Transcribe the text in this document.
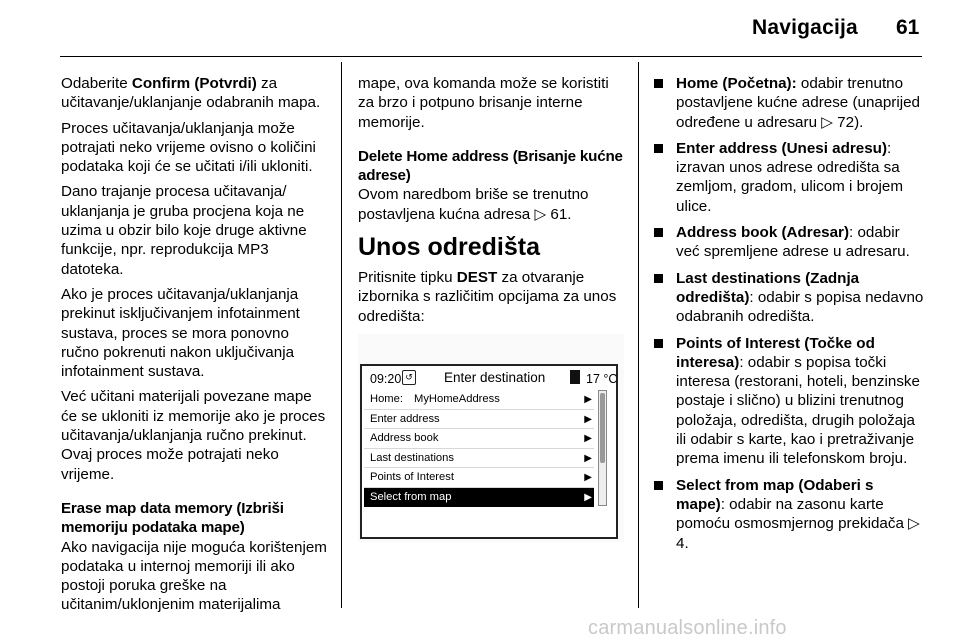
Navigacija 61

Odaberite Confirm (Potvrdi) za učitavanje/uklanjanje odabranih mapa.

Proces učitavanja/uklanjanja može potrajati neko vrijeme ovisno o količini podataka koji će se učitati i/ili ukloniti.

Dano trajanje procesa učitavanja/ uklanjanja je gruba procjena koja ne uzima u obzir bilo koje druge aktivne funkcije, npr. reprodukcija MP3 datoteka.

Ako je proces učitavanja/uklanjanja prekinut isključivanjem infotainment sustava, proces se mora ponovno ručno pokrenuti nakon uključivanja infotainment sustava.

Već učitani materijali povezane mape će se ukloniti iz memorije ako je proces učitavanja/uklanjanja ručno prekinut. Ovaj proces može potrajati neko vrijeme.

Erase map data memory (Izbriši memoriju podataka mape)

Ako navigacija nije moguća korištenjem podataka u internoj memoriji ili ako postoji poruka greške na učitanim/uklonjenim materijalima

mape, ova komanda može se koristiti za brzo i potpuno brisanje interne memorije.

Delete Home address (Brisanje kućne adrese)

Ovom naredbom briše se trenutno postavljena kućna adresa ▷ 61.

Unos odredišta

Pritisnite tipku DEST za otvaranje izbornika s različitim opcijama za unos odredišta:

09:20 ↺ Enter destination	17 °C
Home: MyHomeAddress	▶
Enter address	▶
Address book	▶
Last destinations	▶
Points of Interest	▶
Select from map	▶
Home (Početna): odabir trenutno postavljene kućne adrese (unaprijed određene u adresaru ▷ 72).
Enter address (Unesi adresu): izravan unos adrese odredišta sa zemljom, gradom, ulicom i brojem ulice.
Address book (Adresar): odabir već spremljene adrese u adresaru.
Last destinations (Zadnja odredišta): odabir s popisa nedavno odabranih odredišta.
Points of Interest (Točke od interesa): odabir s popisa točki interesa (restorani, hoteli, benzinske postaje i slično) u blizini trenutnog položaja, odredišta, drugih položaja ili odabir s karte, kao i pretraživanje prema imenu ili telefonskom broju.
Select from map (Odaberi s mape): odabir na zasonu karte pomoću osmosmjernog prekidača ▷ 4.
carmanualsonline.info
